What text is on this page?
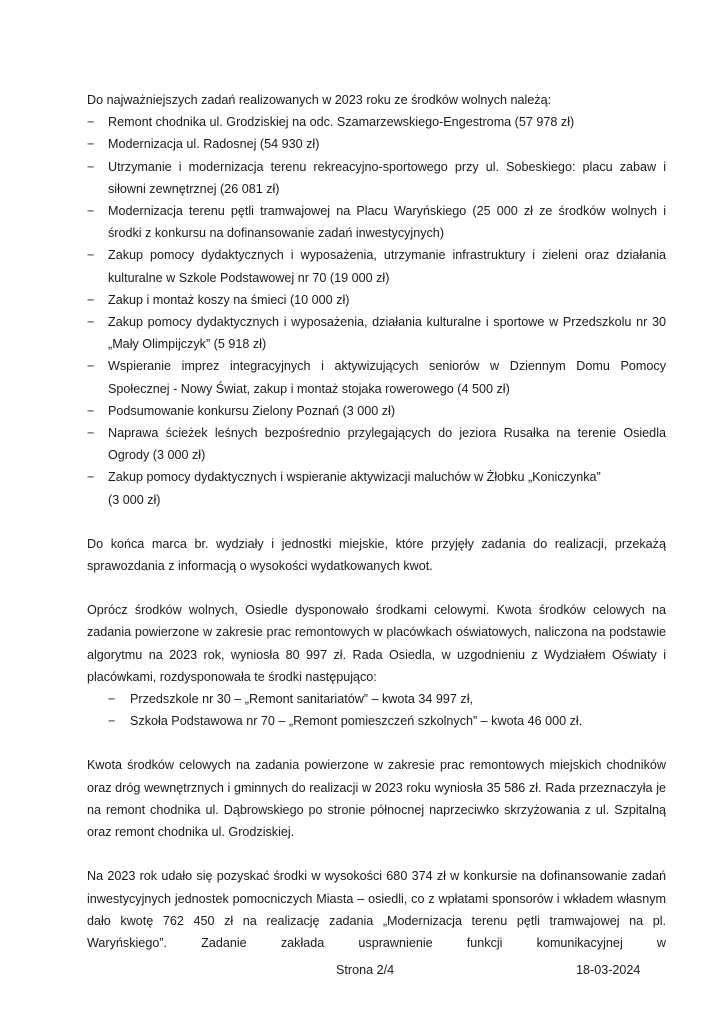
Do najważniejszych zadań realizowanych w 2023 roku ze środków wolnych należą:

− Remont chodnika ul. Grodziskiej na odc. Szamarzewskiego-Engestroma (57 978 zł)
− Modernizacja ul. Radosnej (54 930 zł)
− Utrzymanie i modernizacja terenu rekreacyjno-sportowego przy ul. Sobeskiego: placu zabaw i siłowni zewnętrznej (26 081 zł)
− Modernizacja terenu pętli tramwajowej na Placu Waryńskiego (25 000 zł ze środków wolnych i środki z konkursu na dofinansowanie zadań inwestycyjnych)
− Zakup pomocy dydaktycznych i wyposażenia, utrzymanie infrastruktury i zieleni oraz działania kulturalne w Szkole Podstawowej nr 70 (19 000 zł)
− Zakup i montaż koszy na śmieci (10 000 zł)
− Zakup pomocy dydaktycznych i wyposażenia, działania kulturalne i sportowe w Przedszkolu nr 30 „Mały Olimpijczyk” (5 918 zł)
− Wspieranie imprez integracyjnych i aktywizujących seniorów w Dziennym Domu Pomocy Społecznej - Nowy Świat, zakup i montaż stojaka rowerowego (4 500 zł)
− Podsumowanie konkursu Zielony Poznań (3 000 zł)
− Naprawa ścieżek leśnych bezpośrednio przylegających do jeziora Rusałka na terenie Osiedla Ogrody (3 000 zł)
− Zakup pomocy dydaktycznych i wspieranie aktywizacji maluchów w Żłobku „Koniczynka”
(3 000 zł)

Do końca marca br. wydziały i jednostki miejskie, które przyjęły zadania do realizacji, przekażą sprawozdania z informacją o wysokości wydatkowanych kwot.

Oprócz środków wolnych, Osiedle dysponowało środkami celowymi. Kwota środków celowych na zadania powierzone w zakresie prac remontowych w placówkach oświatowych, naliczona na podstawie algorytmu na 2023 rok, wyniosła 80 997 zł. Rada Osiedla, w uzgodnieniu z Wydziałem Oświaty i placówkami, rozdysponowała te środki następująco:

− Przedszkole nr 30 – „Remont sanitariatów” – kwota 34 997 zł,
− Szkoła Podstawowa nr 70 – „Remont pomieszczeń szkolnych” – kwota 46 000 zł.

Kwota środków celowych na zadania powierzone w zakresie prac remontowych miejskich chodników oraz dróg wewnętrznych i gminnych do realizacji w 2023 roku wyniosła 35 586 zł. Rada przeznaczyła je na remont chodnika ul. Dąbrowskiego po stronie północnej naprzeciwko skrzyżowania z ul. Szpitalną oraz remont chodnika ul. Grodziskiej.

Na 2023 rok udało się pozyskać środki w wysokości 680 374 zł w konkursie na dofinansowanie zadań inwestycyjnych jednostek pomocniczych Miasta – osiedli, co z wpłatami sponsorów i wkładem własnym dało kwotę 762 450 zł na realizację zadania „Modernizacja terenu pętli tramwajowej na pl. Waryńskiego”. Zadanie zakłada usprawnienie funkcji komunikacyjnej w

Strona 2/4	18-03-2024
